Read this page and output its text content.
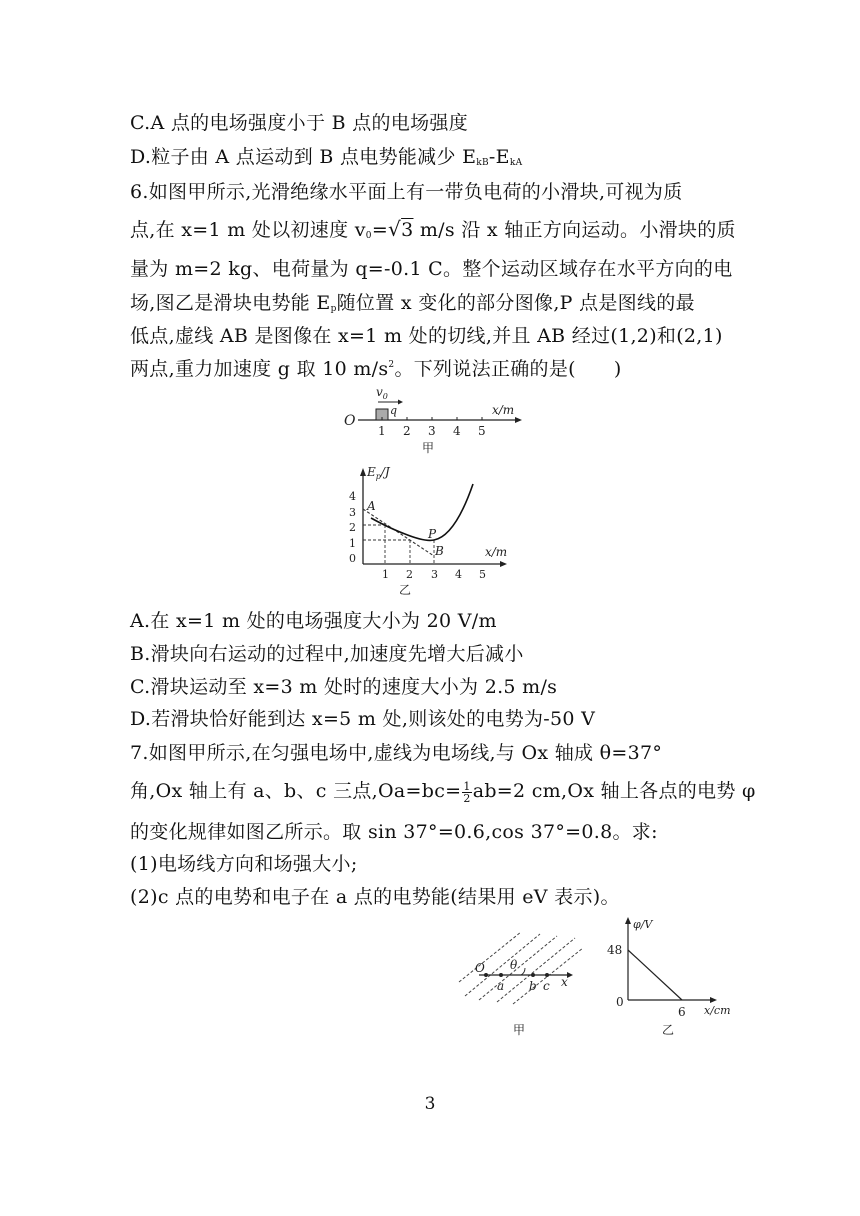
C.A 点的电场强度小于 B 点的电场强度
D.粒子由 A 点运动到 B 点电势能减少 $E_{kB}-E_{kA}$
6.如图甲所示,光滑绝缘水平面上有一带负电荷的小滑块,可视为质
点,在 x=1 m 处以初速度 $v_0=√3$ m/s 沿 x 轴正方向运动。小滑块的质
量为 m=2 kg、电荷量为 q=-0.1 C。整个运动区域存在水平方向的电
场,图乙是滑块电势能 $E_p$随位置 x 变化的部分图像,P 点是图线的最
低点,虚线 AB 是图像在 x=1 m 处的切线,并且 AB 经过(1,2)和(2,1)
两点,重力加速度 g 取 10 $m/s^2$。下列说法正确的是( )
O
$v_0$
q	x/m
1 2 3 4 5
甲
$E_p/J$
x/m
4
3
2
1
0
1 2 3 4 5
A
P
B
乙
A.在 x=1 m 处的电场强度大小为 20 V/m
B.滑块向右运动的过程中,加速度先增大后减小
C.滑块运动至 x=3 m 处时的速度大小为 2.5 m/s
D.若滑块恰好能到达 x=5 m 处,则该处的电势为-50 V
7.如图甲所示,在匀强电场中,虚线为电场线,与 Ox 轴成 θ=37°
角,Ox 轴上有 a、b、c 三点$,Oa=bc= \frac{1}{2} ab=2$ cm,Ox 轴上各点的电势 φ
的变化规律如图乙所示。取 sin 37°=0.6,cos 37°=0.8。求:
(1)电场线方向和场强大小;
(2)c 点的电势和电子在 a 点的电势能(结果用 eV 表示)。
O θ
a b c x
甲
φ/V
x/cm
48
0
6
乙
3
